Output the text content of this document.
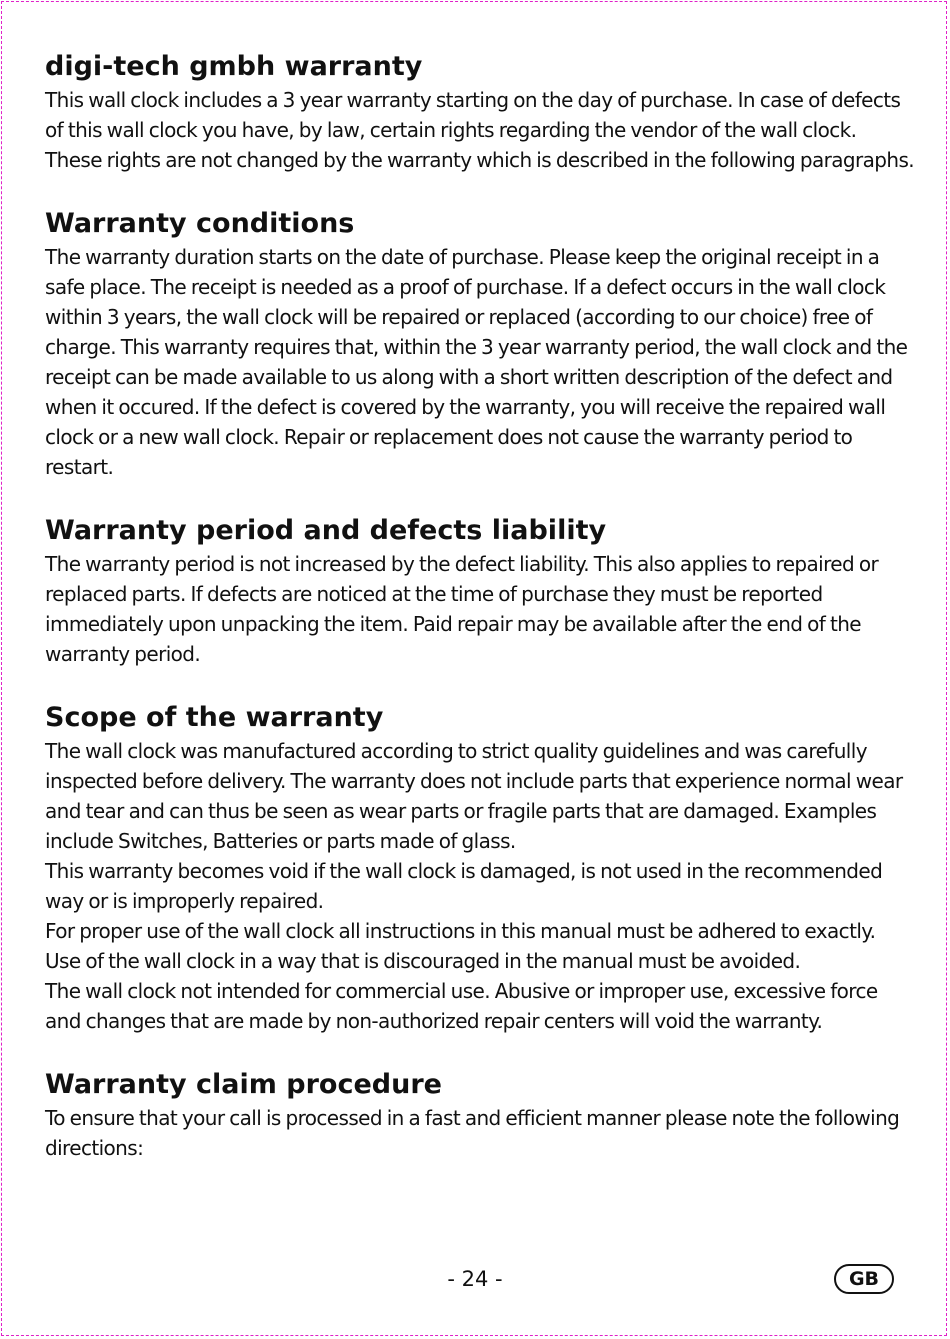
digi-tech gmbh warranty

This wall clock includes a 3 year warranty starting on the day of purchase. In case of defects of this wall clock you have, by law, certain rights regarding the vendor of the wall clock. These rights are not changed by the warranty which is described in the following paragraphs.

Warranty conditions

The warranty duration starts on the date of purchase. Please keep the original receipt in a safe place. The receipt is needed as a proof of purchase. If a defect occurs in the wall clock within 3 years, the wall clock will be repaired or replaced (according to our choice) free of charge. This warranty requires that, within the 3 year warranty period, the wall clock and the receipt can be made available to us along with a short written description of the defect and when it occured. If the defect is covered by the warranty, you will receive the repaired wall clock or a new wall clock. Repair or replacement does not cause the warranty period to restart.

Warranty period and defects liability

The warranty period is not increased by the defect liability. This also applies to repaired or replaced parts. If defects are noticed at the time of purchase they must be reported immediately upon unpacking the item. Paid repair may be available after the end of the warranty period.

Scope of the warranty

The wall clock was manufactured according to strict quality guidelines and was carefully inspected before delivery. The warranty does not include parts that experience normal wear and tear and can thus be seen as wear parts or fragile parts that are damaged. Examples include Switches, Batteries or parts made of glass.

This warranty becomes void if the wall clock is damaged, is not used in the recommended way or is improperly repaired.

For proper use of the wall clock all instructions in this manual must be adhered to exactly. Use of the wall clock in a way that is discouraged in the manual must be avoided.

The wall clock not intended for commercial use. Abusive or improper use, excessive force and changes that are made by non-authorized repair centers will void the warranty.

Warranty claim procedure

To ensure that your call is processed in a fast and efficient manner please note the following directions:

- 24 -	GB
